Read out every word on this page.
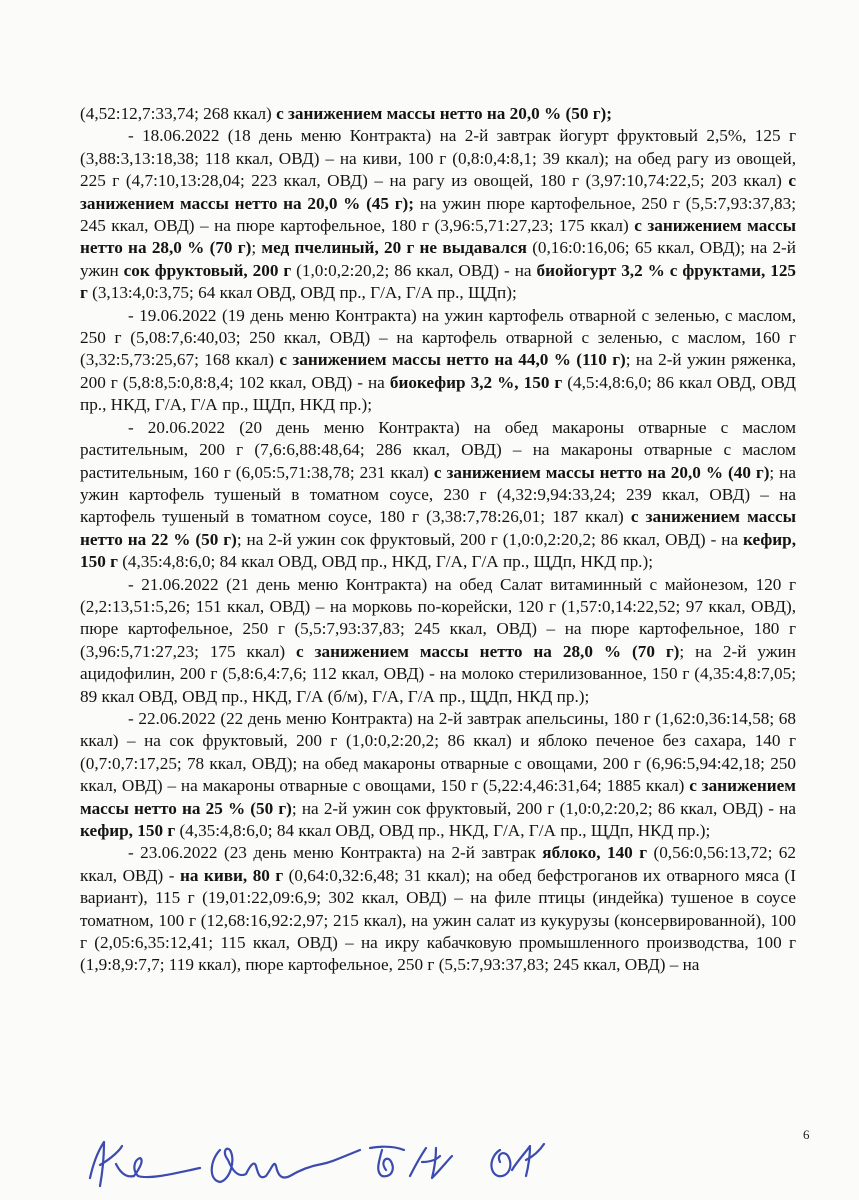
(4,52:12,7:33,74; 268 ккал) с занижением массы нетто на 20,0 % (50 г);

- 18.06.2022 (18 день меню Контракта) на 2-й завтрак йогурт фруктовый 2,5%, 125 г (3,88:3,13:18,38; 118 ккал, ОВД) – на киви, 100 г (0,8:0,4:8,1; 39 ккал); на обед рагу из овощей, 225 г (4,7:10,13:28,04; 223 ккал, ОВД) – на рагу из овощей, 180 г (3,97:10,74:22,5; 203 ккал) с занижением массы нетто на 20,0 % (45 г); на ужин пюре картофельное, 250 г (5,5:7,93:37,83; 245 ккал, ОВД) – на пюре картофельное, 180 г (3,96:5,71:27,23; 175 ккал) с занижением массы нетто на 28,0 % (70 г); мед пчелиный, 20 г не выдавался (0,16:0:16,06; 65 ккал, ОВД); на 2-й ужин сок фруктовый, 200 г (1,0:0,2:20,2; 86 ккал, ОВД) - на биойогурт 3,2 % с фруктами, 125 г (3,13:4,0:3,75; 64 ккал ОВД, ОВД пр., Г/А, Г/А пр., ЩДп);

- 19.06.2022 (19 день меню Контракта) на ужин картофель отварной с зеленью, с маслом, 250 г (5,08:7,6:40,03; 250 ккал, ОВД) – на картофель отварной с зеленью, с маслом, 160 г (3,32:5,73:25,67; 168 ккал) с занижением массы нетто на 44,0 % (110 г); на 2-й ужин ряженка, 200 г (5,8:8,5:0,8:8,4; 102 ккал, ОВД) - на биокефир 3,2 %, 150 г (4,5:4,8:6,0; 86 ккал ОВД, ОВД пр., НКД, Г/А, Г/А пр., ЩДп, НКД пр.);

- 20.06.2022 (20 день меню Контракта) на обед макароны отварные с маслом растительным, 200 г (7,6:6,88:48,64; 286 ккал, ОВД) – на макароны отварные с маслом растительным, 160 г (6,05:5,71:38,78; 231 ккал) с занижением массы нетто на 20,0 % (40 г); на ужин картофель тушеный в томатном соусе, 230 г (4,32:9,94:33,24; 239 ккал, ОВД) – на картофель тушеный в томатном соусе, 180 г (3,38:7,78:26,01; 187 ккал) с занижением массы нетто на 22 % (50 г); на 2-й ужин сок фруктовый, 200 г (1,0:0,2:20,2; 86 ккал, ОВД) - на кефир, 150 г (4,35:4,8:6,0; 84 ккал ОВД, ОВД пр., НКД, Г/А, Г/А пр., ЩДп, НКД пр.);

- 21.06.2022 (21 день меню Контракта) на обед Салат витаминный с майонезом, 120 г (2,2:13,51:5,26; 151 ккал, ОВД) – на морковь по-корейски, 120 г (1,57:0,14:22,52; 97 ккал, ОВД), пюре картофельное, 250 г (5,5:7,93:37,83; 245 ккал, ОВД) – на пюре картофельное, 180 г (3,96:5,71:27,23; 175 ккал) с занижением массы нетто на 28,0 % (70 г); на 2-й ужин ацидофилин, 200 г (5,8:6,4:7,6; 112 ккал, ОВД) - на молоко стерилизованное, 150 г (4,35:4,8:7,05; 89 ккал ОВД, ОВД пр., НКД, Г/А (б/м), Г/А, Г/А пр., ЩДп, НКД пр.);

- 22.06.2022 (22 день меню Контракта) на 2-й завтрак апельсины, 180 г (1,62:0,36:14,58; 68 ккал) – на сок фруктовый, 200 г (1,0:0,2:20,2; 86 ккал) и яблоко печеное без сахара, 140 г (0,7:0,7:17,25; 78 ккал, ОВД); на обед макароны отварные с овощами, 200 г (6,96:5,94:42,18; 250 ккал, ОВД) – на макароны отварные с овощами, 150 г (5,22:4,46:31,64; 1885 ккал) с занижением массы нетто на 25 % (50 г); на 2-й ужин сок фруктовый, 200 г (1,0:0,2:20,2; 86 ккал, ОВД) - на кефир, 150 г (4,35:4,8:6,0; 84 ккал ОВД, ОВД пр., НКД, Г/А, Г/А пр., ЩДп, НКД пр.);

- 23.06.2022 (23 день меню Контракта) на 2-й завтрак яблоко, 140 г (0,56:0,56:13,72; 62 ккал, ОВД) - на киви, 80 г (0,64:0,32:6,48; 31 ккал); на обед бефстроганов их отварного мяса (I вариант), 115 г (19,01:22,09:6,9; 302 ккал, ОВД) – на филе птицы (индейка) тушеное в соусе томатном, 100 г (12,68:16,92:2,97; 215 ккал), на ужин салат из кукурузы (консервированной), 100 г (2,05:6,35:12,41; 115 ккал, ОВД) – на икру кабачковую промышленного производства, 100 г (1,9:8,9:7,7; 119 ккал), пюре картофельное, 250 г (5,5:7,93:37,83; 245 ккал, ОВД) – на

6
